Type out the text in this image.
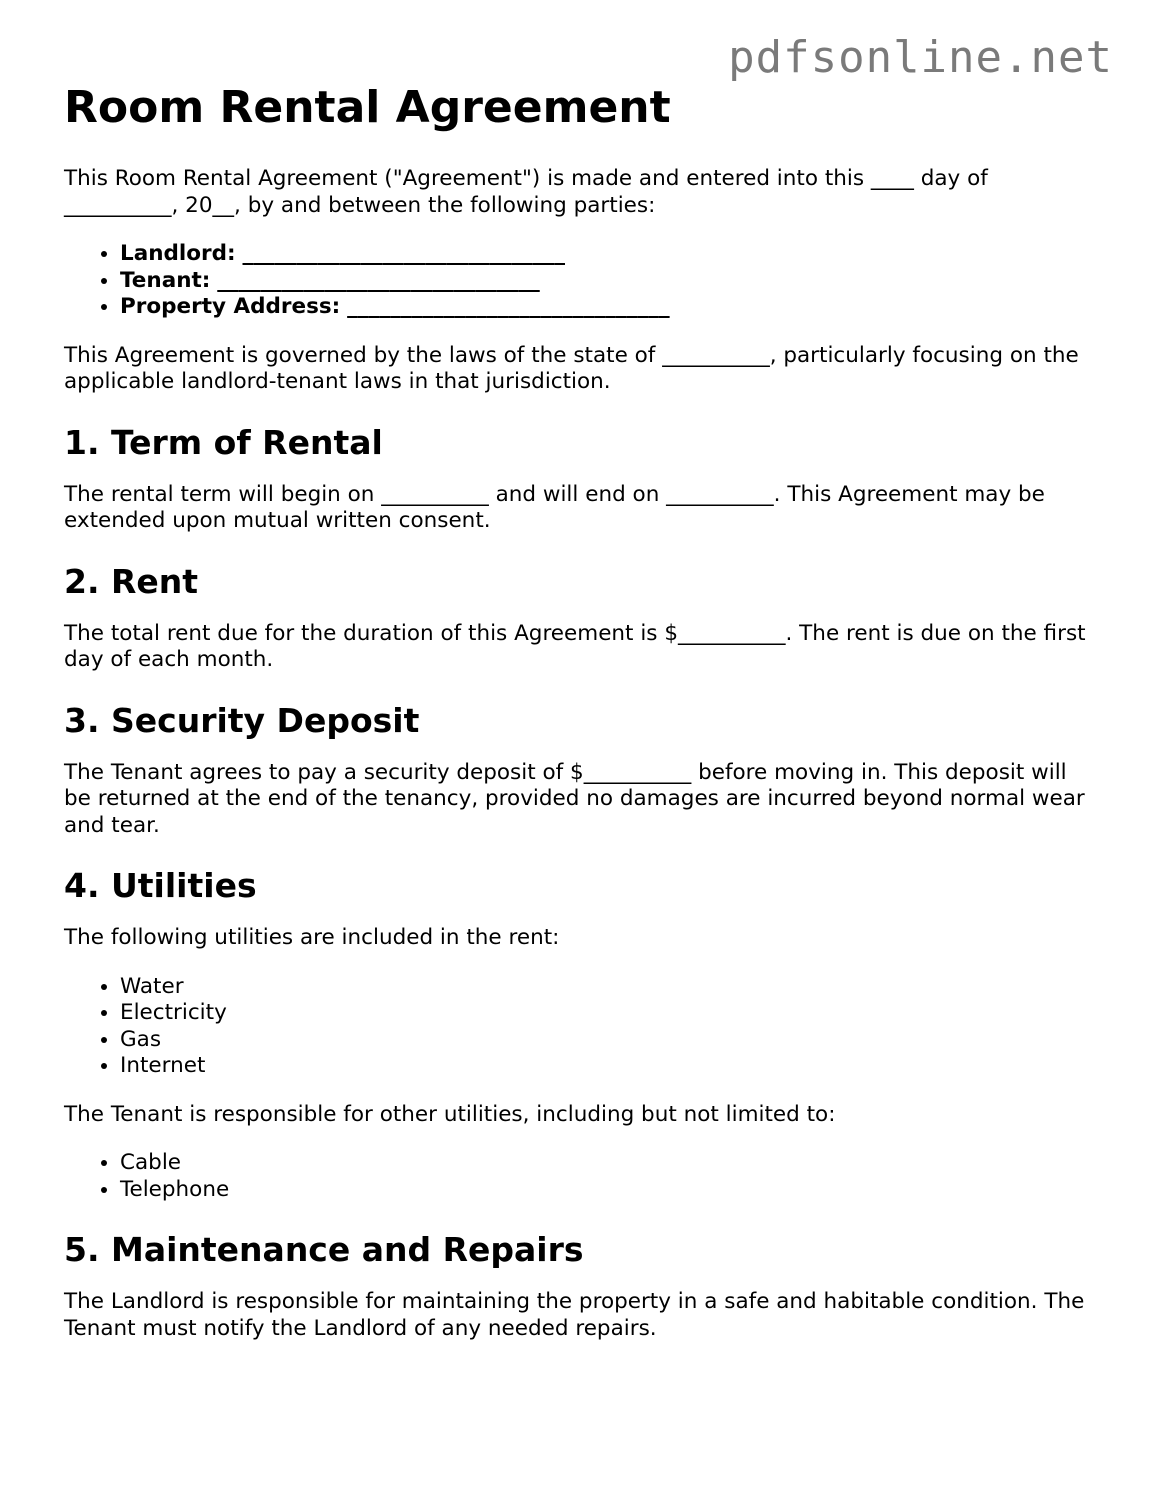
pdfsonline.net
Room Rental Agreement

This Room Rental Agreement ("Agreement") is made and entered into this ____ day of __________, 20__, by and between the following parties:

• Landlord: ______________________________
• Tenant: ______________________________
• Property Address: ______________________________

This Agreement is governed by the laws of the state of __________, particularly focusing on the applicable landlord-tenant laws in that jurisdiction.

1. Term of Rental

The rental term will begin on __________ and will end on __________. This Agreement may be extended upon mutual written consent.

2. Rent

The total rent due for the duration of this Agreement is $__________. The rent is due on the first day of each month.

3. Security Deposit

The Tenant agrees to pay a security deposit of $__________ before moving in. This deposit will be returned at the end of the tenancy, provided no damages are incurred beyond normal wear and tear.

4. Utilities

The following utilities are included in the rent:

• Water
• Electricity
• Gas
• Internet

The Tenant is responsible for other utilities, including but not limited to:

• Cable
• Telephone
5. Maintenance and Repairs

The Landlord is responsible for maintaining the property in a safe and habitable condition. The Tenant must notify the Landlord of any needed repairs.
